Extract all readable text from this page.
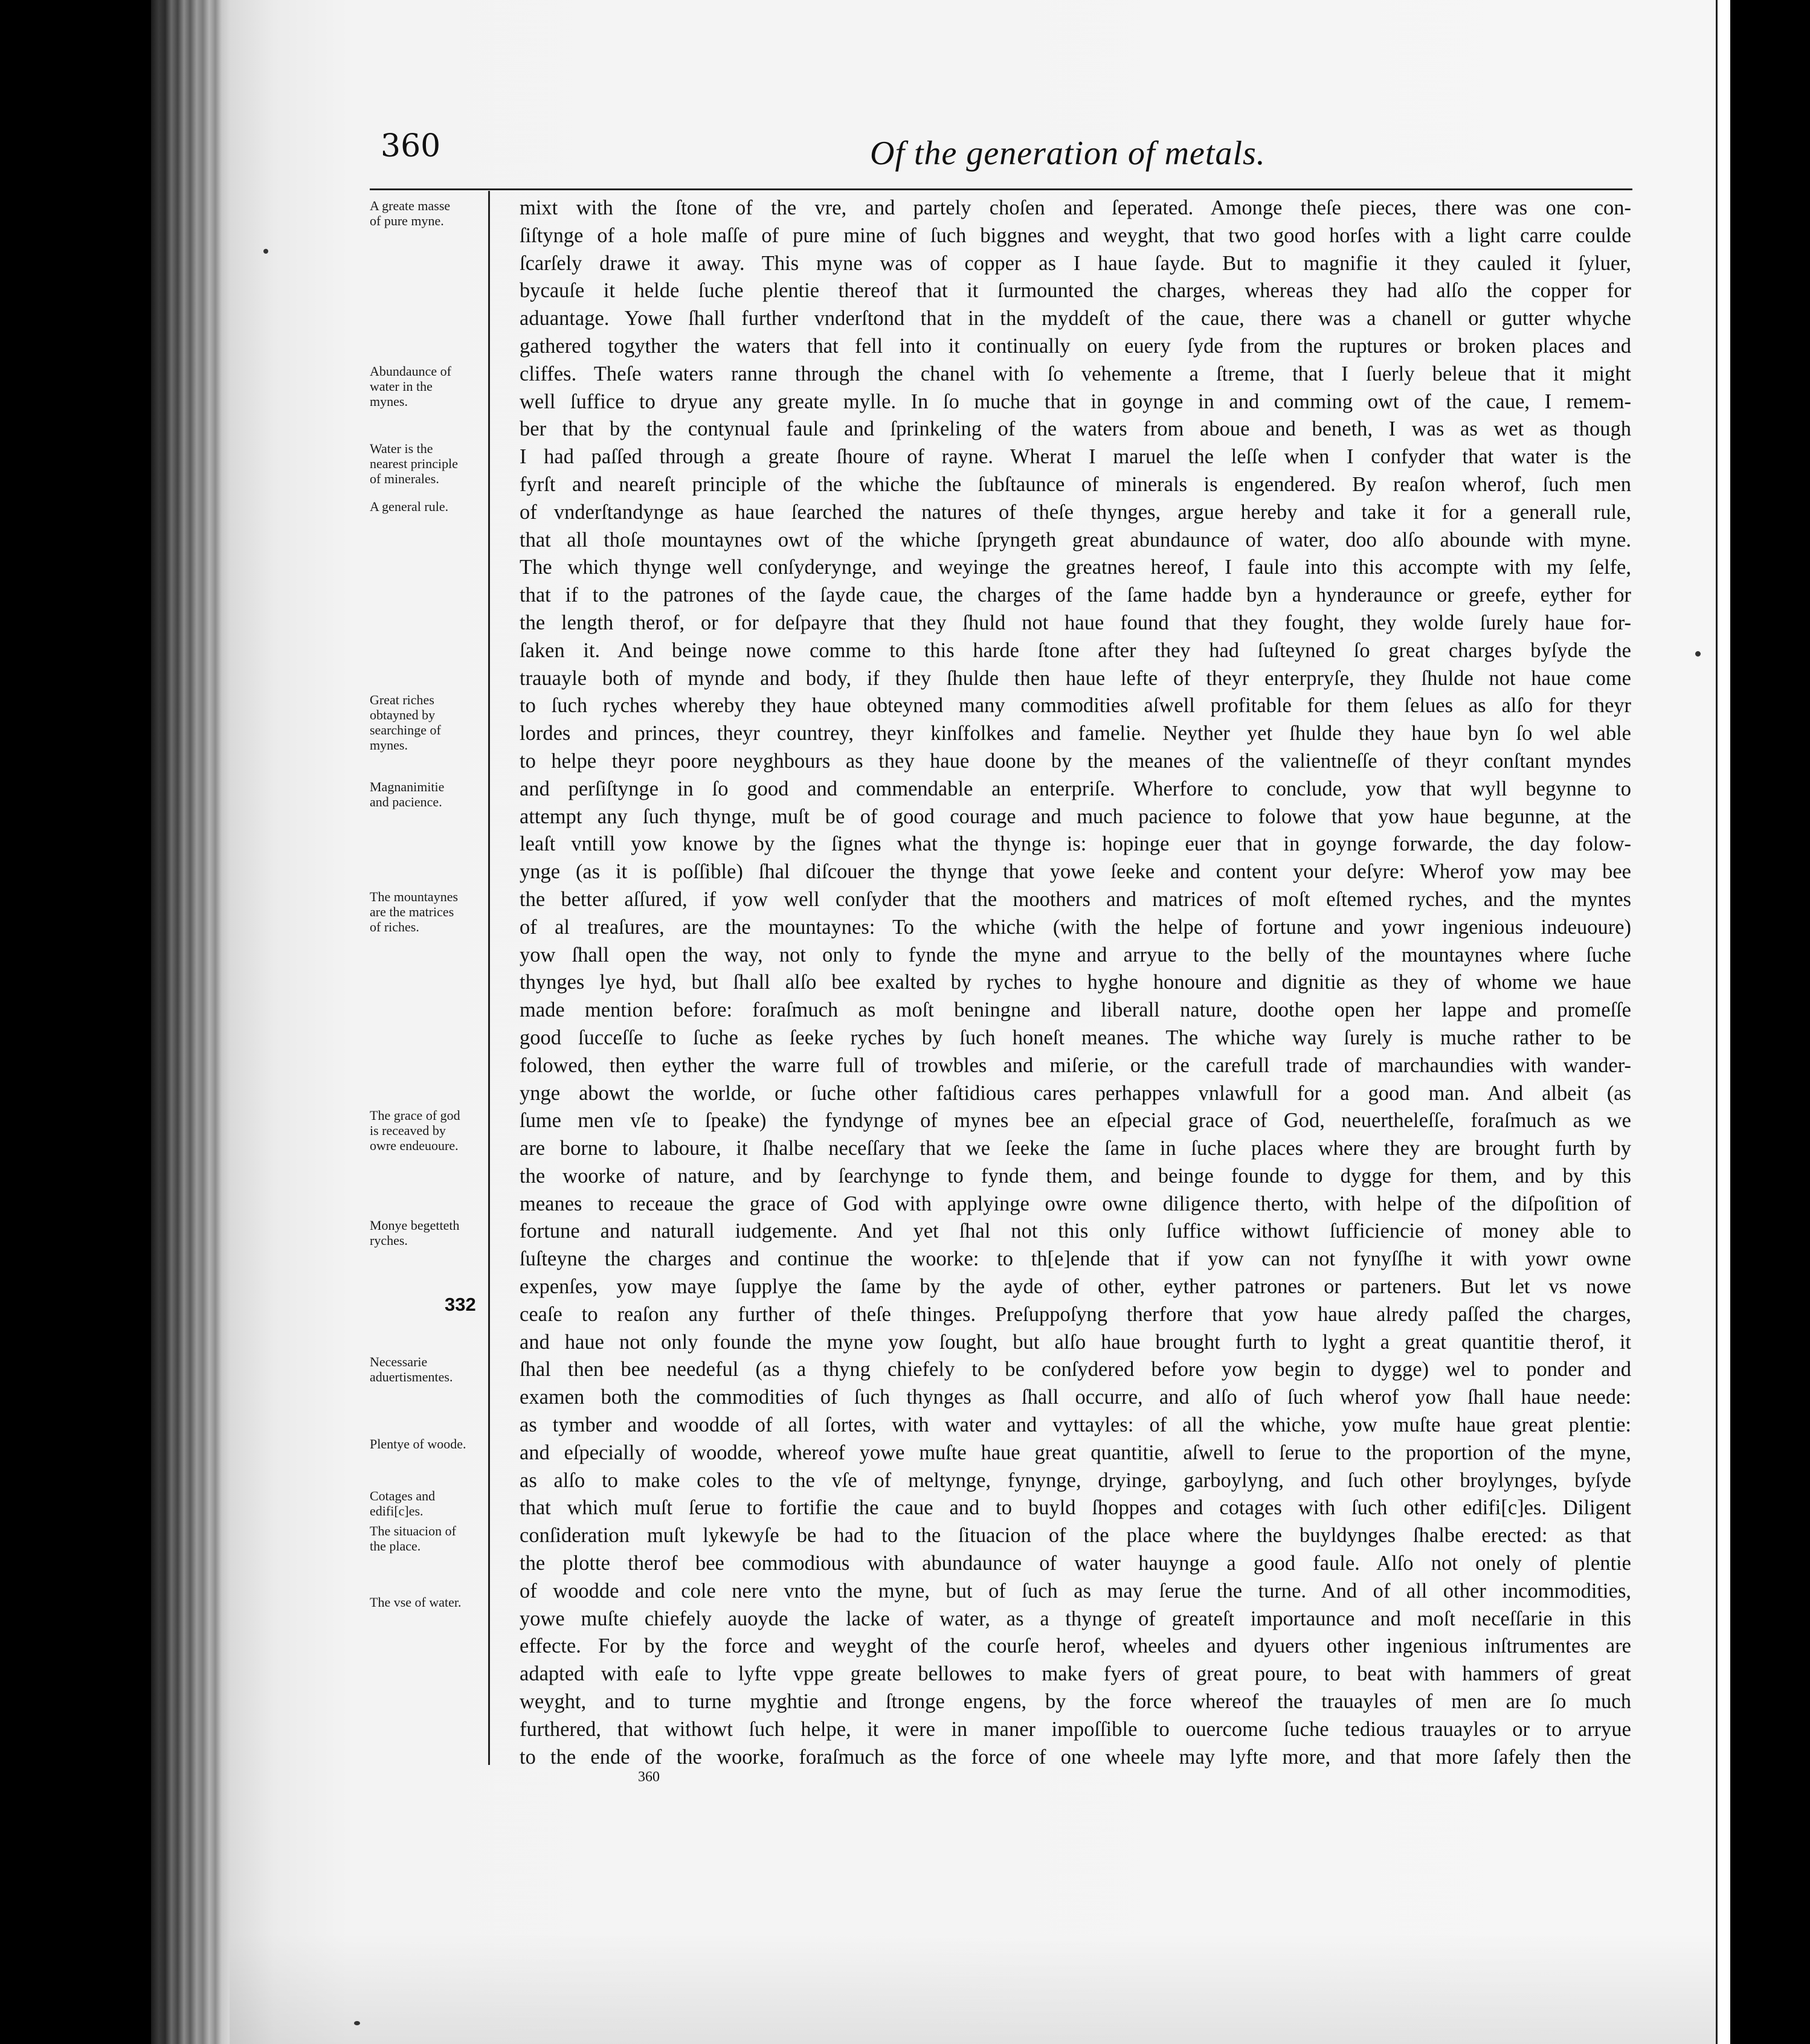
360	Of the generation of metals.
A greate masse
of pure myne.
Abundaunce of
water in the
mynes.
Water is the
nearest principle
of minerales.
A general rule.
Great riches
obtayned by
searchinge of
mynes.
Magnanimitie
and pacience.
The mountaynes
are the matrices
of riches.
The grace of god
is receaved by
owre endeuoure.
Monye begetteth
ryches.
332
Necessarie
aduertismentes.
Plentye of woode.
Cotages and
edifi[c]es.
The situacion of
the place.
The vse of water.
mixt with the ſtone of the vre, and partely choſen and ſeperated. Amonge theſe pieces, there was one con-
ſiſtynge of a hole maſſe of pure mine of ſuch biggnes and weyght, that two good horſes with a light carre coulde
ſcarſely drawe it away. This myne was of copper as I haue ſayde. But to magnifie it they cauled it ſyluer,
bycauſe it helde ſuche plentie thereof that it ſurmounted the charges, whereas they had alſo the copper for
aduantage. Yowe ſhall further vnderſtond that in the myddeſt of the caue, there was a chanell or gutter whyche
gathered togyther the waters that fell into it continually on euery ſyde from the ruptures or broken places and
cliffes. Theſe waters ranne through the chanel with ſo vehemente a ſtreme, that I ſuerly beleue that it might
well ſuffice to dryue any greate mylle. In ſo muche that in goynge in and comming owt of the caue, I remem-
ber that by the contynual faule and ſprinkeling of the waters from aboue and beneth, I was as wet as though
I had paſſed through a greate ſhoure of rayne. Wherat I maruel the leſſe when I confyder that water is the
fyrſt and neareſt principle of the whiche the ſubſtaunce of minerals is engendered. By reaſon wherof, ſuch men
of vnderſtandynge as haue ſearched the natures of theſe thynges, argue hereby and take it for a generall rule,
that all thoſe mountaynes owt of the whiche ſpryngeth great abundaunce of water, doo alſo abounde with myne.
The which thynge well conſyderynge, and weyinge the greatnes hereof, I faule into this accompte with my ſelfe,
that if to the patrones of the ſayde caue, the charges of the ſame hadde byn a hynderaunce or greefe, eyther for
the length therof, or for deſpayre that they ſhuld not haue found that they fought, they wolde ſurely haue for-
ſaken it. And beinge nowe comme to this harde ſtone after they had ſuſteyned ſo great charges byſyde the
trauayle both of mynde and body, if they ſhulde then haue lefte of theyr enterpryſe, they ſhulde not haue come
to ſuch ryches whereby they haue obteyned many commodities aſwell profitable for them ſelues as alſo for theyr
lordes and princes, theyr countrey, theyr kinſfolkes and famelie. Neyther yet ſhulde they haue byn ſo wel able
to helpe theyr poore neyghbours as they haue doone by the meanes of the valientneſſe of theyr conſtant myndes
and perſiſtynge in ſo good and commendable an enterpriſe. Wherfore to conclude, yow that wyll begynne to
attempt any ſuch thynge, muſt be of good courage and much pacience to folowe that yow haue begunne, at the
leaſt vntill yow knowe by the ſignes what the thynge is: hopinge euer that in goynge forwarde, the day folow-
ynge (as it is poſſible) ſhal diſcouer the thynge that yowe ſeeke and content your deſyre: Wherof yow may bee
the better aſſured, if yow well conſyder that the moothers and matrices of moſt eſtemed ryches, and the myntes
of al treaſures, are the mountaynes: To the whiche (with the helpe of fortune and yowr ingenious indeuoure)
yow ſhall open the way, not only to fynde the myne and arryue to the belly of the mountaynes where ſuche
thynges lye hyd, but ſhall alſo bee exalted by ryches to hyghe honoure and dignitie as they of whome we haue
made mention before: foraſmuch as moſt beningne and liberall nature, doothe open her lappe and promeſſe
good ſucceſſe to ſuche as ſeeke ryches by ſuch honeſt meanes. The whiche way ſurely is muche rather to be
folowed, then eyther the warre full of trowbles and miſerie, or the carefull trade of marchaundies with wander-
ynge abowt the worlde, or ſuche other faſtidious cares perhappes vnlawfull for a good man. And albeit (as
ſume men vſe to ſpeake) the fyndynge of mynes bee an eſpecial grace of God, neuertheleſſe, foraſmuch as we
are borne to laboure, it ſhalbe neceſſary that we ſeeke the ſame in ſuche places where they are brought furth by
the woorke of nature, and by ſearchynge to fynde them, and beinge founde to dygge for them, and by this
meanes to receaue the grace of God with applyinge owre owne diligence therto, with helpe of the diſpoſition of
fortune and naturall iudgemente. And yet ſhal not this only ſuffice withowt ſufficiencie of money able to
ſuſteyne the charges and continue the woorke: to th[e]ende that if yow can not fynyſſhe it with yowr owne
expenſes, yow maye ſupplye the ſame by the ayde of other, eyther patrones or parteners. But let vs nowe
ceaſe to reaſon any further of theſe thinges. Preſuppoſyng therfore that yow haue alredy paſſed the charges,
and haue not only founde the myne yow ſought, but alſo haue brought furth to lyght a great quantitie therof, it
ſhal then bee needeful (as a thyng chiefely to be conſydered before yow begin to dygge) wel to ponder and
examen both the commodities of ſuch thynges as ſhall occurre, and alſo of ſuch wherof yow ſhall haue neede:
as tymber and woodde of all ſortes, with water and vyttayles: of all the whiche, yow muſte haue great plentie:
and eſpecially of woodde, whereof yowe muſte haue great quantitie, aſwell to ſerue to the proportion of the myne,
as alſo to make coles to the vſe of meltynge, fynynge, dryinge, garboylyng, and ſuch other broylynges, byſyde
that which muſt ſerue to fortifie the caue and to buyld ſhoppes and cotages with ſuch other edifi[c]es. Diligent
conſideration muſt lykewyſe be had to the ſituacion of the place where the buyldynges ſhalbe erected: as that
the plotte therof bee commodious with abundaunce of water hauynge a good faule. Alſo not onely of plentie
of woodde and cole nere vnto the myne, but of ſuch as may ſerue the turne. And of all other incommodities,
yowe muſte chiefely auoyde the lacke of water, as a thynge of greateſt importaunce and moſt neceſſarie in this
effecte. For by the force and weyght of the courſe herof, wheeles and dyuers other ingenious inſtrumentes are
adapted with eaſe to lyfte vppe greate bellowes to make fyers of great poure, to beat with hammers of great
weyght, and to turne myghtie and ſtronge engens, by the force whereof the trauayles of men are ſo much
furthered, that withowt ſuch helpe, it were in maner impoſſible to ouercome ſuche tedious trauayles or to arryue
to the ende of the woorke, foraſmuch as the force of one wheele may lyfte more, and that more ſafely then the
360
